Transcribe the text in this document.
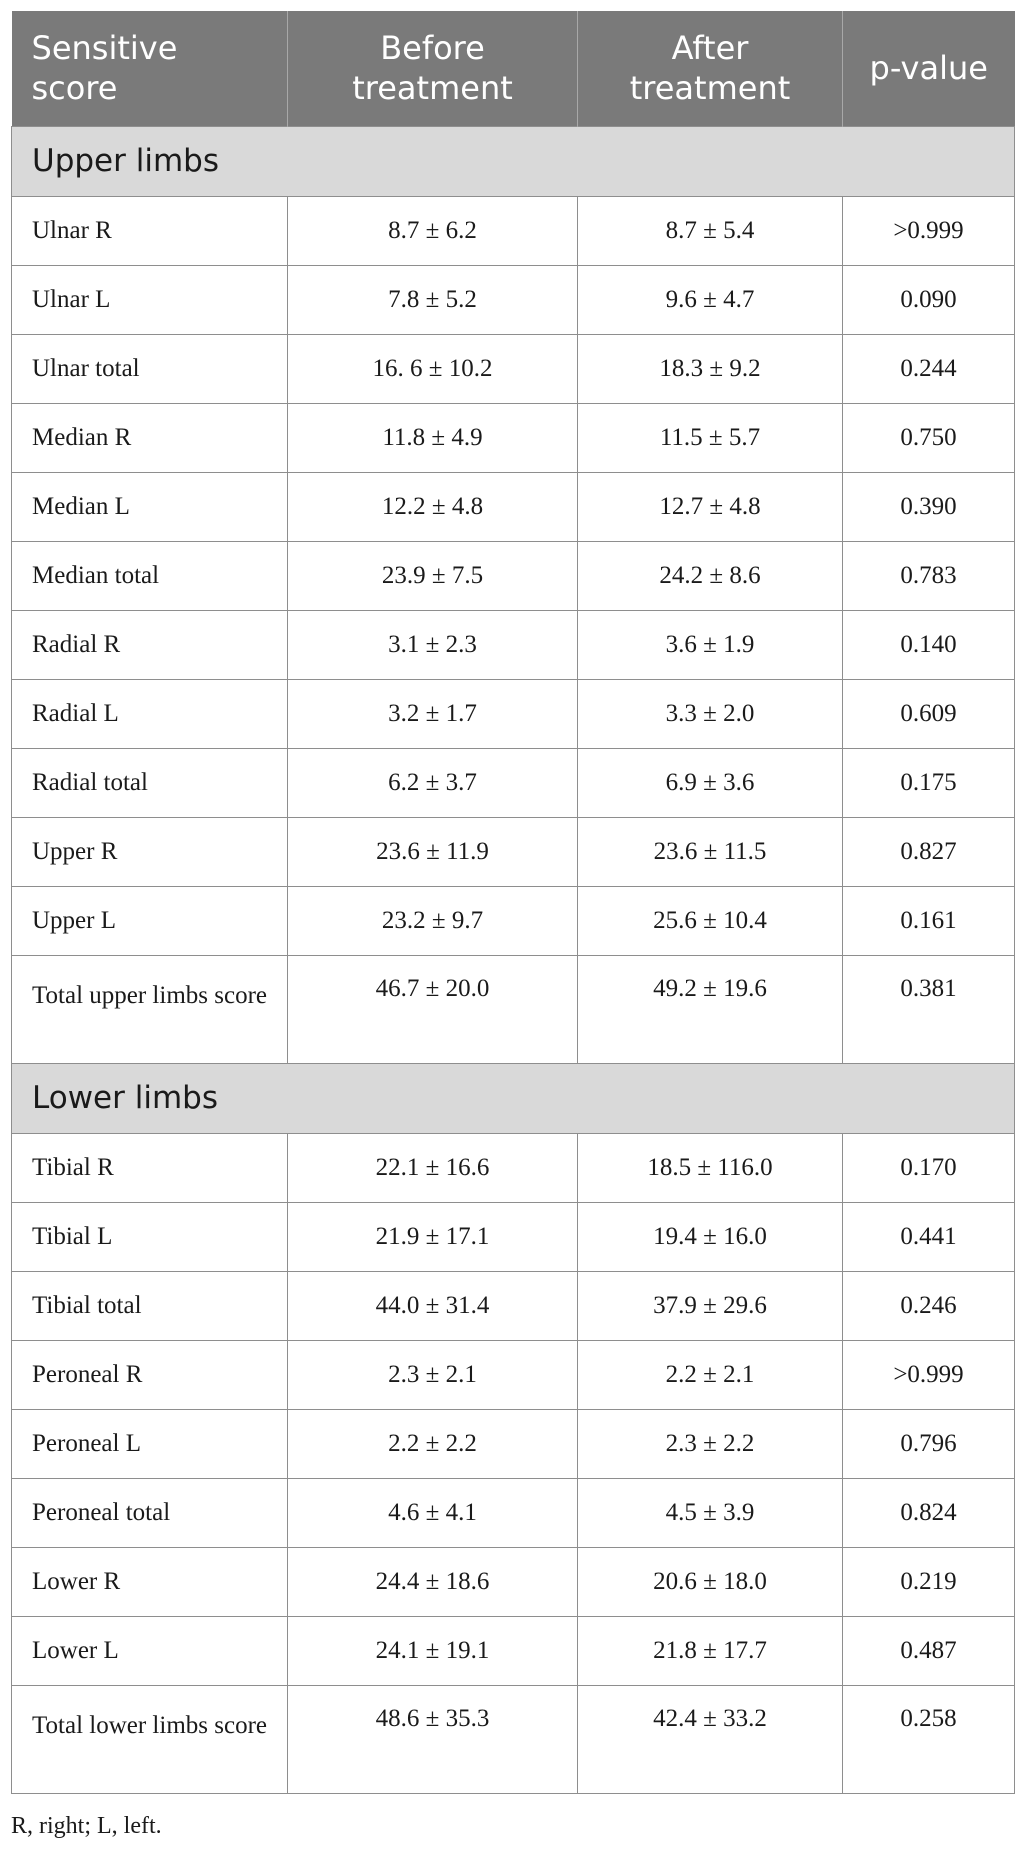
Sensitive score	Before treatment	After treatment	p-value
Upper limbs			
Ulnar R	8.7 ± 6.2	8.7 ± 5.4	>0.999
Ulnar L	7.8 ± 5.2	9.6 ± 4.7	0.090
Ulnar total	16. 6 ± 10.2	18.3 ± 9.2	0.244
Median R	11.8 ± 4.9	11.5 ± 5.7	0.750
Median L	12.2 ± 4.8	12.7 ± 4.8	0.390
Median total	23.9 ± 7.5	24.2 ± 8.6	0.783
Radial R	3.1 ± 2.3	3.6 ± 1.9	0.140
Radial L	3.2 ± 1.7	3.3 ± 2.0	0.609
Radial total	6.2 ± 3.7	6.9 ± 3.6	0.175
Upper R	23.6 ± 11.9	23.6 ± 11.5	0.827
Upper L	23.2 ± 9.7	25.6 ± 10.4	0.161
Total upper limbs score	46.7 ± 20.0	49.2 ± 19.6	0.381
Lower limbs			
Tibial R	22.1 ± 16.6	18.5 ± 116.0	0.170
Tibial L	21.9 ± 17.1	19.4 ± 16.0	0.441
Tibial total	44.0 ± 31.4	37.9 ± 29.6	0.246
Peroneal R	2.3 ± 2.1	2.2 ± 2.1	>0.999
Peroneal L	2.2 ± 2.2	2.3 ± 2.2	0.796
Peroneal total	4.6 ± 4.1	4.5 ± 3.9	0.824
Lower R	24.4 ± 18.6	20.6 ± 18.0	0.219
Lower L	24.1 ± 19.1	21.8 ± 17.7	0.487
Total lower limbs score	48.6 ± 35.3	42.4 ± 33.2	0.258
R, right; L, left.
